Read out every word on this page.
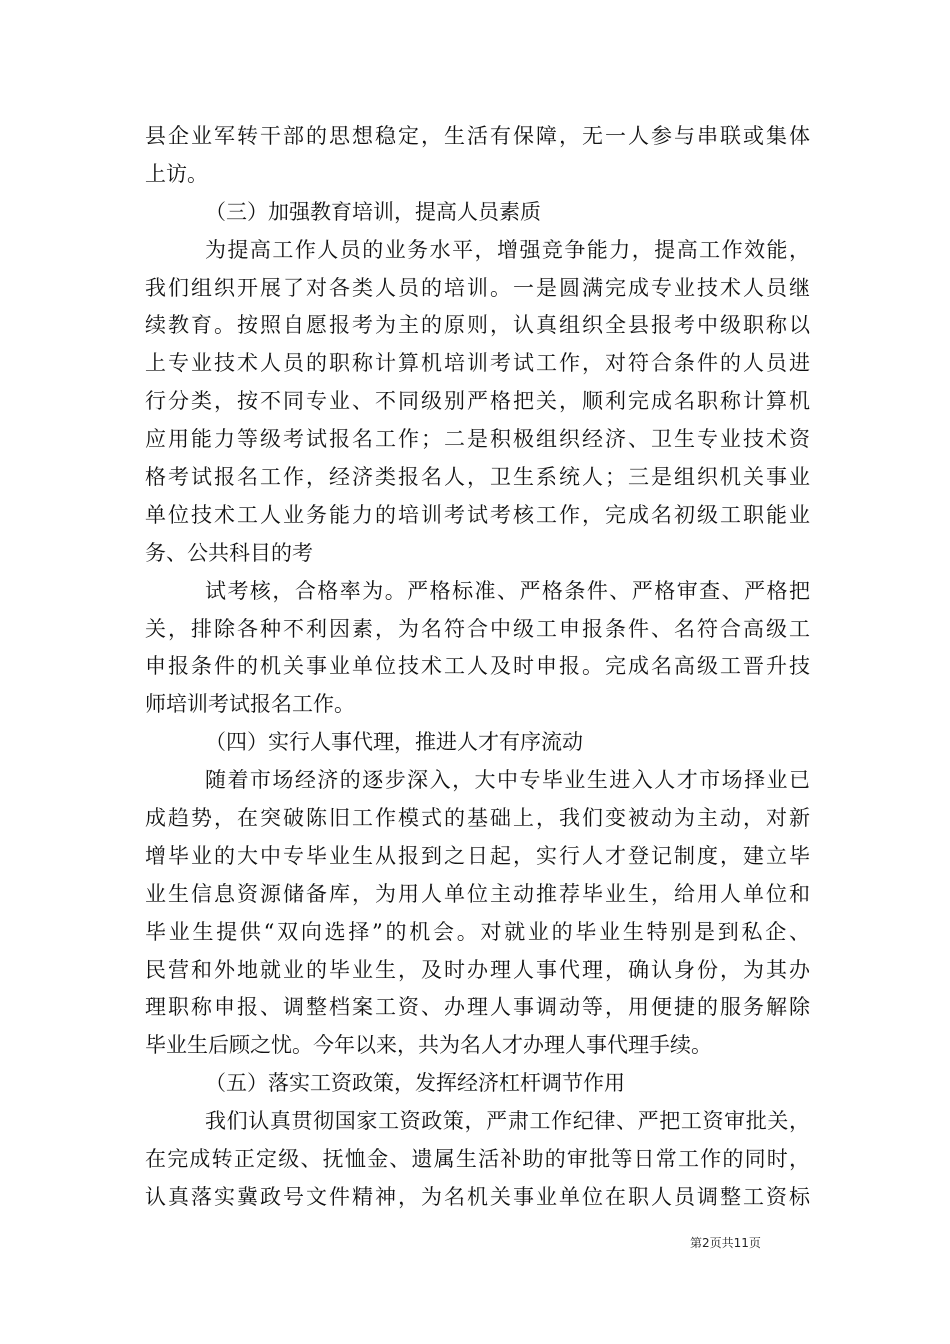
县企业军转干部的思想稳定，生活有保障，无一人参与串联或集体
上访。
（三）加强教育培训，提高人员素质
为提高工作人员的业务水平，增强竞争能力，提高工作效能，
我们组织开展了对各类人员的培训。一是圆满完成专业技术人员继
续教育。按照自愿报考为主的原则，认真组织全县报考中级职称以
上专业技术人员的职称计算机培训考试工作，对符合条件的人员进
行分类，按不同专业、不同级别严格把关，顺利完成名职称计算机
应用能力等级考试报名工作；二是积极组织经济、卫生专业技术资
格考试报名工作，经济类报名人，卫生系统人；三是组织机关事业
单位技术工人业务能力的培训考试考核工作，完成名初级工职能业
务、公共科目的考
试考核，合格率为。严格标准、严格条件、严格审查、严格把
关，排除各种不利因素，为名符合中级工申报条件、名符合高级工
申报条件的机关事业单位技术工人及时申报。完成名高级工晋升技
师培训考试报名工作。
（四）实行人事代理，推进人才有序流动
随着市场经济的逐步深入，大中专毕业生进入人才市场择业已
成趋势，在突破陈旧工作模式的基础上，我们变被动为主动，对新
增毕业的大中专毕业生从报到之日起，实行人才登记制度，建立毕
业生信息资源储备库，为用人单位主动推荐毕业生，给用人单位和
毕业生提供“双向选择”的机会。对就业的毕业生特别是到私企、
民营和外地就业的毕业生，及时办理人事代理，确认身份，为其办
理职称申报、调整档案工资、办理人事调动等，用便捷的服务解除
毕业生后顾之忧。今年以来，共为名人才办理人事代理手续。
（五）落实工资政策，发挥经济杠杆调节作用
我们认真贯彻国家工资政策，严肃工作纪律、严把工资审批关，
在完成转正定级、抚恤金、遗属生活补助的审批等日常工作的同时，
认真落实冀政号文件精神，为名机关事业单位在职人员调整工资标
第2页共11页
